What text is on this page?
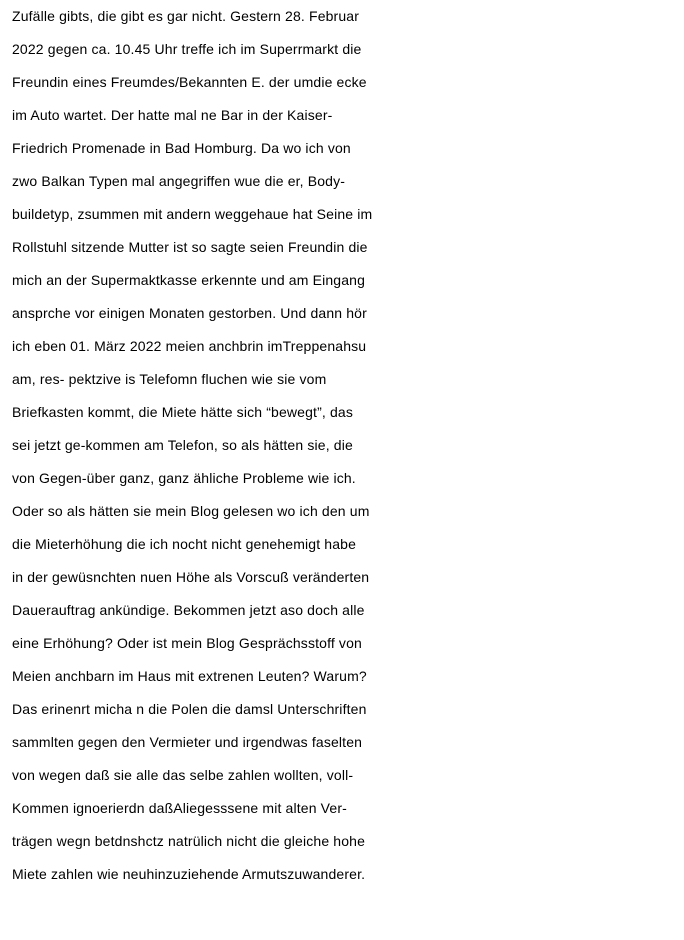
Zufälle gibts, die gibt es gar nicht. Gestern 28. Februar
2022 gegen ca. 10.45 Uhr treffe ich im Superrmarkt die
Freundin eines Freumdes/Bekannten E. der umdie ecke
im Auto wartet. Der hatte mal ne Bar in der Kaiser-
Friedrich Promenade in Bad Homburg. Da wo ich von
zwo Balkan Typen mal angegriffen wue die er, Body-
buildetyp, zsummen mit andern weggehaue hat Seine im
Rollstuhl sitzende Mutter ist so sagte seien Freundin die
mich an der Supermaktkasse erkennte und am Eingang
ansprche vor einigen Monaten gestorben. Und dann hör
ich eben 01. März 2022 meien anchbrin imTreppenahsu
am, res- pektzive is Telefomn fluchen wie sie vom
Briefkasten kommt, die Miete hätte sich “bewegt”, das
sei jetzt ge-kommen am Telefon, so als hätten sie, die
von Gegen-über ganz, ganz ähliche Probleme wie ich.
Oder so als hätten sie mein Blog gelesen wo ich den um
die Mieterhöhung die ich nocht nicht genehemigt habe
in der gewüsnchten nuen Höhe als Vorscuß veränderten
Dauerauftrag ankündige. Bekommen jetzt aso doch alle
eine Erhöhung? Oder ist mein Blog Gesprächsstoff von
Meien anchbarn im Haus mit extrenen Leuten? Warum?
Das erinenrt micha n die Polen die damsl Unterschriften
sammlten gegen den Vermieter und irgendwas faselten
von wegen daß sie alle das selbe zahlen wollten, voll-
Kommen ignoerierdn daßAliegesssene mit alten Ver-
trägen wegn betdnshctz natrülich nicht die gleiche hohe
Miete zahlen wie neuhinzuziehende Armutszuwanderer.
